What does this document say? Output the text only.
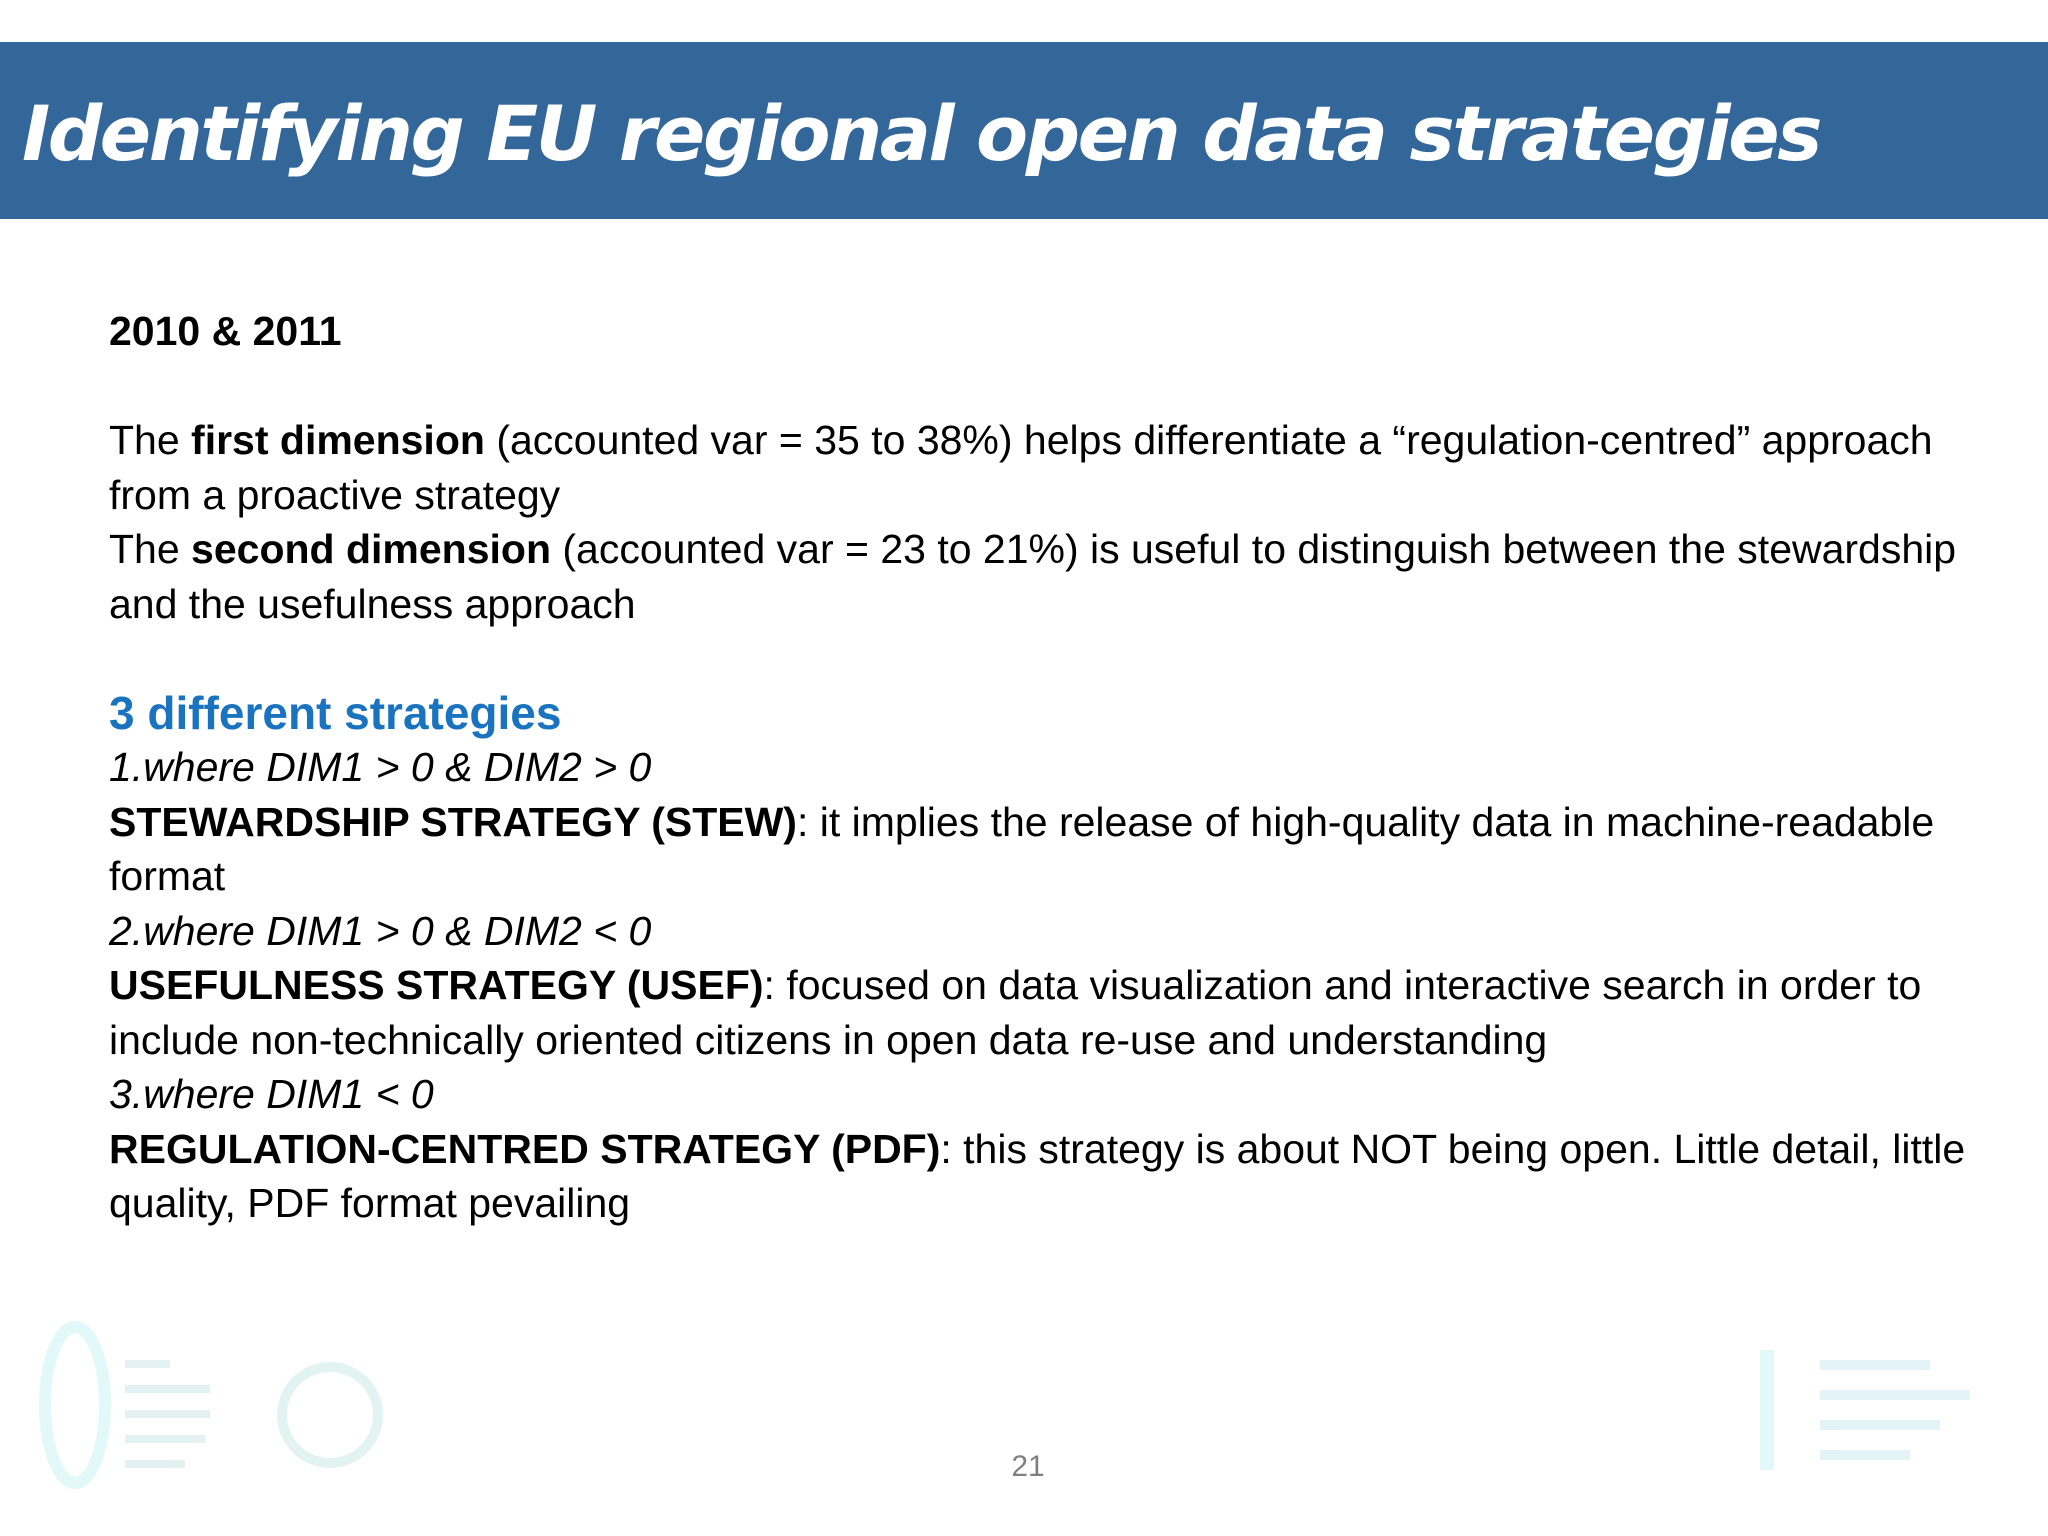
Identifying EU regional open data strategies

2010 & 2011

The first dimension (accounted var = 35 to 38%) helps differentiate a “regulation-centred” approach from a proactive strategy

The second dimension (accounted var = 23 to 21%) is useful to distinguish between the stewardship and the usefulness approach

3 different strategies

1.where DIM1 > 0 & DIM2 > 0

STEWARDSHIP STRATEGY (STEW): it implies the release of high-quality data in machine-readable format

2.where DIM1 > 0 & DIM2 < 0

USEFULNESS STRATEGY (USEF): focused on data visualization and interactive search in order to include non-technically oriented citizens in open data re-use and understanding

3.where DIM1 < 0

REGULATION-CENTRED STRATEGY (PDF): this strategy is about NOT being open. Little detail, little quality, PDF format pevailing

21
